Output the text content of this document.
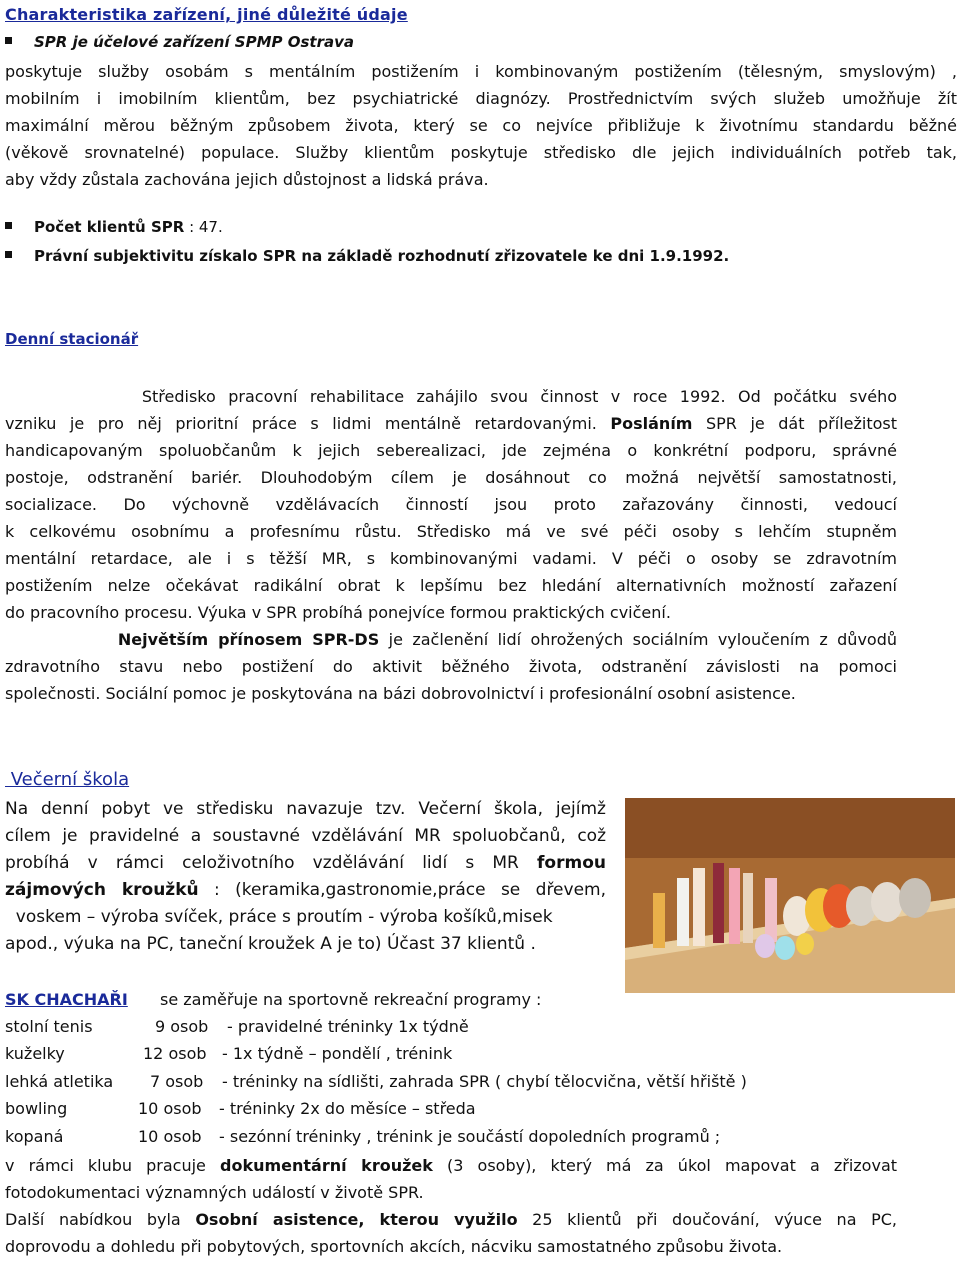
Charakteristika zařízení, jiné důležité údaje
SPR je účelové zařízení SPMP Ostrava
poskytuje služby osobám s mentálním postižením i kombinovaným postižením (tělesným, smyslovým) ,
mobilním i imobilním klientům, bez psychiatrické diagnózy. Prostřednictvím svých služeb umožňuje žít
maximální měrou běžným způsobem života, který se co nejvíce přibližuje k životnímu standardu běžné
(věkově srovnatelné) populace. Služby klientům poskytuje středisko dle jejich individuálních potřeb tak,
aby vždy zůstala zachována jejich důstojnost a lidská práva.
Počet klientů SPR : 47.
Právní subjektivitu získalo SPR na základě rozhodnutí zřizovatele ke dni 1.9.1992.
Denní stacionář
Středisko pracovní rehabilitace zahájilo svou činnost v roce 1992. Od počátku svého
vzniku je pro něj prioritní práce s lidmi mentálně retardovanými. Posláním SPR je dát příležitost
handicapovaným spoluobčanům k jejich seberealizaci, jde zejména o konkrétní podporu, správné
postoje, odstranění bariér. Dlouhodobým cílem je dosáhnout co možná největší samostatnosti,
socializace. Do výchovně vzdělávacích činností jsou proto zařazovány činnosti, vedoucí
k celkovému osobnímu a profesnímu růstu. Středisko má ve své péči osoby s lehčím stupněm
mentální retardace, ale i s těžší MR, s kombinovanými vadami. V péči o osoby se zdravotním
postižením nelze očekávat radikální obrat k lepšímu bez hledání alternativních možností zařazení
do pracovního procesu. Výuka v SPR probíhá ponejvíce formou praktických cvičení.
Největším přínosem SPR-DS je začlenění lidí ohrožených sociálním vyloučením z důvodů
zdravotního stavu nebo postižení do aktivit běžného života, odstranění závislosti na pomoci
společnosti. Sociální pomoc je poskytována na bázi dobrovolnictví i profesionální osobní asistence.
Večerní škola
Na denní pobyt ve středisku navazuje tzv. Večerní škola, jejímž
cílem je pravidelné a soustavné vzdělávání MR spoluobčanů, což
probíhá v rámci celoživotního vzdělávání lidí s MR formou
zájmových kroužků : (keramika,gastronomie,práce se dřevem,
voskem – výroba svíček, práce s proutím - výroba košíků,misek
apod., výuka na PC, taneční kroužek A je to) Účast 37 klientů .
SK CHACHAŘI se zaměřuje na sportovně rekreační programy :
stolní tenis	9 osob - pravidelné tréninky 1x týdně
kuželky	12 osob - 1x týdně – pondělí , trénink
lehká atletika 7 osob - tréninky na sídlišti, zahrada SPR ( chybí tělocvična, větší hřiště )
bowling	10 osob - tréninky 2x do měsíce – středa
kopaná	10 osob - sezónní tréninky , trénink je součástí dopoledních programů ;
v rámci klubu pracuje dokumentární kroužek (3 osoby), který má za úkol mapovat a zřizovat
fotodokumentaci významných událostí v životě SPR.
Další nabídkou byla Osobní asistence, kterou využilo 25 klientů při doučování, výuce na PC,
doprovodu a dohledu při pobytových, sportovních akcích, nácviku samostatného způsobu života.
